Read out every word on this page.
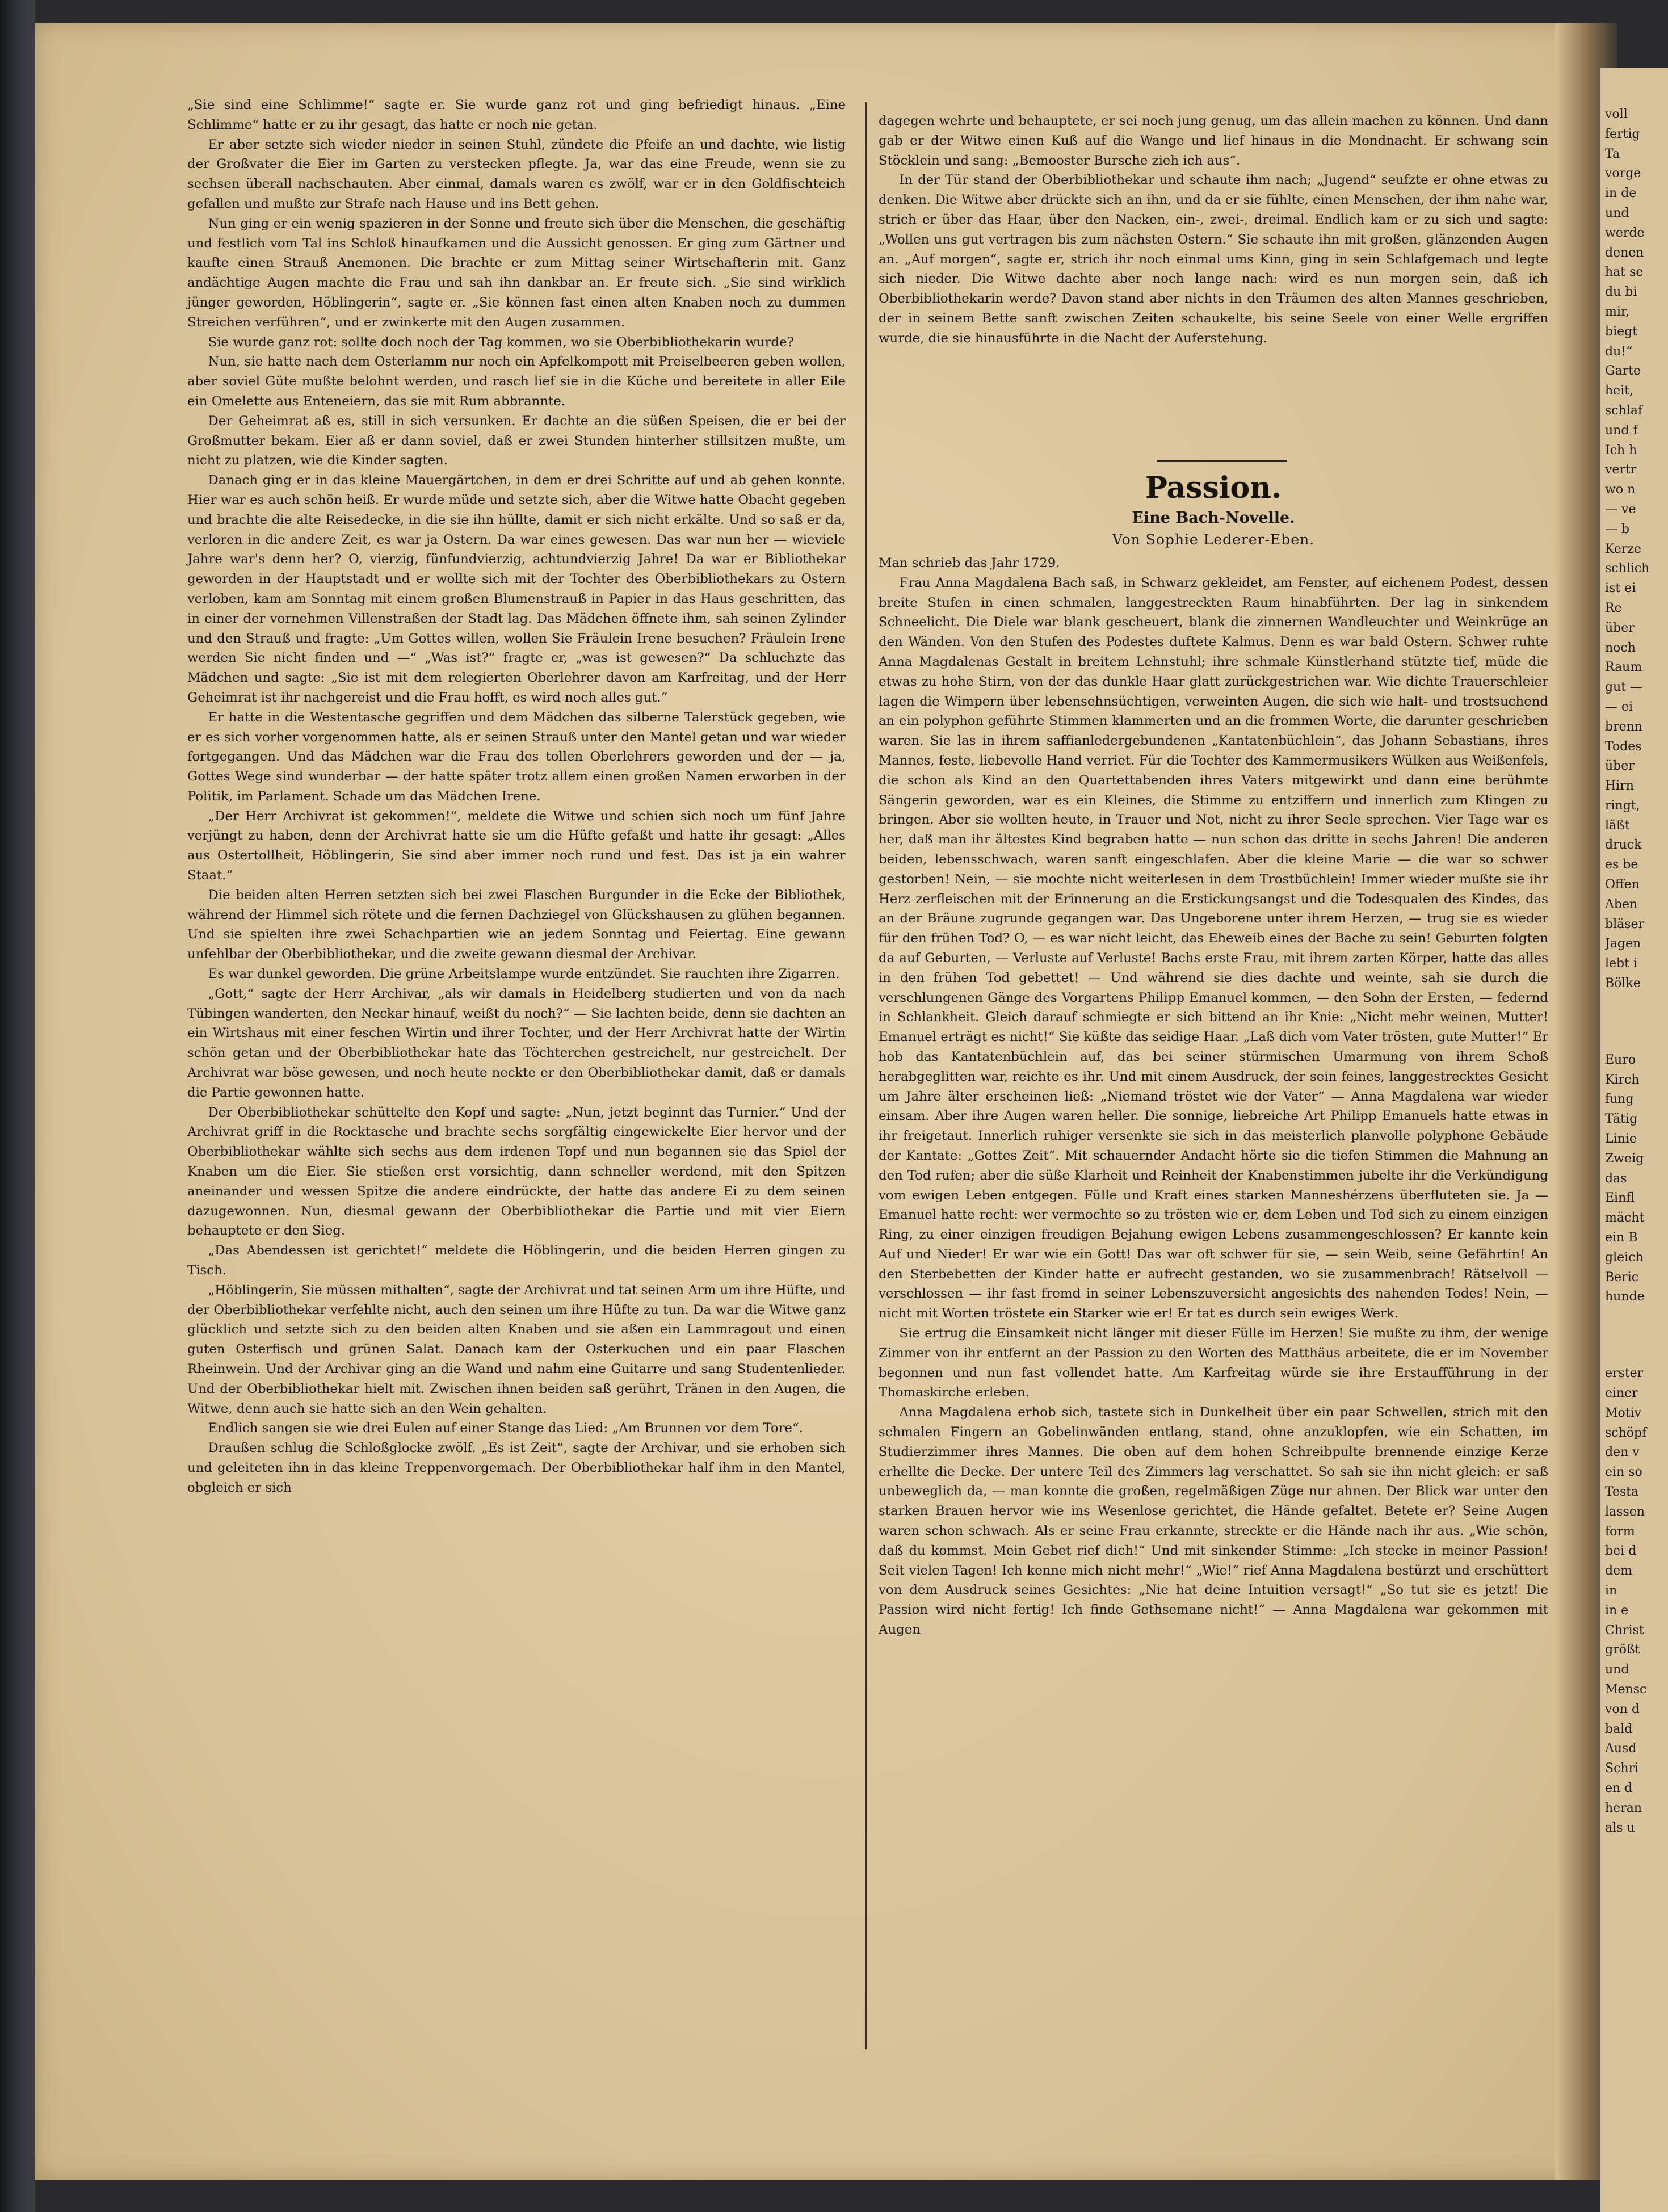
„Sie sind eine Schlimme!“ sagte er. Sie wurde ganz rot und ging befriedigt hinaus. „Eine Schlimme“ hatte er zu ihr gesagt, das hatte er noch nie getan.

Er aber setzte sich wieder nieder in seinen Stuhl, zündete die Pfeife an und dachte, wie listig der Großvater die Eier im Garten zu verstecken pflegte. Ja, war das eine Freude, wenn sie zu sechsen überall nachschauten. Aber einmal, damals waren es zwölf, war er in den Goldfischteich gefallen und mußte zur Strafe nach Hause und ins Bett gehen.

Nun ging er ein wenig spazieren in der Sonne und freute sich über die Menschen, die geschäftig und festlich vom Tal ins Schloß hinaufkamen und die Aussicht genossen. Er ging zum Gärtner und kaufte einen Strauß Anemonen. Die brachte er zum Mittag seiner Wirtschafterin mit. Ganz andächtige Augen machte die Frau und sah ihn dankbar an. Er freute sich. „Sie sind wirklich jünger geworden, Höblingerin“, sagte er. „Sie können fast einen alten Knaben noch zu dummen Streichen verführen“, und er zwinkerte mit den Augen zusammen.

Sie wurde ganz rot: sollte doch noch der Tag kommen, wo sie Oberbibliothekarin wurde?

Nun, sie hatte nach dem Osterlamm nur noch ein Apfelkompott mit Preiselbeeren geben wollen, aber soviel Güte mußte belohnt werden, und rasch lief sie in die Küche und bereitete in aller Eile ein Omelette aus Enteneiern, das sie mit Rum abbrannte.

Der Geheimrat aß es, still in sich versunken. Er dachte an die süßen Speisen, die er bei der Großmutter bekam. Eier aß er dann soviel, daß er zwei Stunden hinterher stillsitzen mußte, um nicht zu platzen, wie die Kinder sagten.

Danach ging er in das kleine Mauergärtchen, in dem er drei Schritte auf und ab gehen konnte. Hier war es auch schön heiß. Er wurde müde und setzte sich, aber die Witwe hatte Obacht gegeben und brachte die alte Reisedecke, in die sie ihn hüllte, damit er sich nicht erkälte. Und so saß er da, verloren in die andere Zeit, es war ja Ostern. Da war eines gewesen. Das war nun her — wieviele Jahre war's denn her? O, vierzig, fünfundvierzig, achtundvierzig Jahre! Da war er Bibliothekar geworden in der Hauptstadt und er wollte sich mit der Tochter des Oberbibliothekars zu Ostern verloben, kam am Sonntag mit einem großen Blumenstrauß in Papier in das Haus geschritten, das in einer der vornehmen Villenstraßen der Stadt lag. Das Mädchen öffnete ihm, sah seinen Zylinder und den Strauß und fragte: „Um Gottes willen, wollen Sie Fräulein Irene besuchen? Fräulein Irene werden Sie nicht finden und —“ „Was ist?“ fragte er, „was ist gewesen?“ Da schluchzte das Mädchen und sagte: „Sie ist mit dem relegierten Oberlehrer davon am Karfreitag, und der Herr Geheimrat ist ihr nachgereist und die Frau hofft, es wird noch alles gut.“

Er hatte in die Westentasche gegriffen und dem Mädchen das silberne Talerstück gegeben, wie er es sich vorher vorgenommen hatte, als er seinen Strauß unter den Mantel getan und war wieder fortgegangen. Und das Mädchen war die Frau des tollen Oberlehrers geworden und der — ja, Gottes Wege sind wunderbar — der hatte später trotz allem einen großen Namen erworben in der Politik, im Parlament. Schade um das Mädchen Irene.

„Der Herr Archivrat ist gekommen!“, meldete die Witwe und schien sich noch um fünf Jahre verjüngt zu haben, denn der Archivrat hatte sie um die Hüfte gefaßt und hatte ihr gesagt: „Alles aus Ostertollheit, Höblingerin, Sie sind aber immer noch rund und fest. Das ist ja ein wahrer Staat.“

Die beiden alten Herren setzten sich bei zwei Flaschen Burgunder in die Ecke der Bibliothek, während der Himmel sich rötete und die fernen Dachziegel von Glückshausen zu glühen begannen. Und sie spielten ihre zwei Schachpartien wie an jedem Sonntag und Feiertag. Eine gewann unfehlbar der Oberbibliothekar, und die zweite gewann diesmal der Archivar.

Es war dunkel geworden. Die grüne Arbeitslampe wurde entzündet. Sie rauchten ihre Zigarren.

„Gott,“ sagte der Herr Archivar, „als wir damals in Heidelberg studierten und von da nach Tübingen wanderten, den Neckar hinauf, weißt du noch?“ — Sie lachten beide, denn sie dachten an ein Wirtshaus mit einer feschen Wirtin und ihrer Tochter, und der Herr Archivrat hatte der Wirtin schön getan und der Oberbibliothekar hate das Töchterchen gestreichelt, nur gestreichelt. Der Archivrat war böse gewesen, und noch heute neckte er den Oberbibliothekar damit, daß er damals die Partie gewonnen hatte.

Der Oberbibliothekar schüttelte den Kopf und sagte: „Nun, jetzt beginnt das Turnier.“ Und der Archivrat griff in die Rocktasche und brachte sechs sorgfältig eingewickelte Eier hervor und der Oberbibliothekar wählte sich sechs aus dem irdenen Topf und nun begannen sie das Spiel der Knaben um die Eier. Sie stießen erst vorsichtig, dann schneller werdend, mit den Spitzen aneinander und wessen Spitze die andere eindrückte, der hatte das andere Ei zu dem seinen dazugewonnen. Nun, diesmal gewann der Oberbibliothekar die Partie und mit vier Eiern behauptete er den Sieg.

„Das Abendessen ist gerichtet!“ meldete die Höblingerin, und die beiden Herren gingen zu Tisch.

„Höblingerin, Sie müssen mithalten“, sagte der Archivrat und tat seinen Arm um ihre Hüfte, und der Oberbibliothekar verfehlte nicht, auch den seinen um ihre Hüfte zu tun. Da war die Witwe ganz glücklich und setzte sich zu den beiden alten Knaben und sie aßen ein Lammragout und einen guten Osterfisch und grünen Salat. Danach kam der Osterkuchen und ein paar Flaschen Rheinwein. Und der Archivar ging an die Wand und nahm eine Guitarre und sang Studentenlieder. Und der Oberbibliothekar hielt mit. Zwischen ihnen beiden saß gerührt, Tränen in den Augen, die Witwe, denn auch sie hatte sich an den Wein gehalten.

Endlich sangen sie wie drei Eulen auf einer Stange das Lied: „Am Brunnen vor dem Tore“.

Draußen schlug die Schloßglocke zwölf. „Es ist Zeit“, sagte der Archivar, und sie erhoben sich und geleiteten ihn in das kleine Treppenvorgemach. Der Oberbibliothekar half ihm in den Mantel, obgleich er sich

dagegen wehrte und behauptete, er sei noch jung genug, um das allein machen zu können. Und dann gab er der Witwe einen Kuß auf die Wange und lief hinaus in die Mondnacht. Er schwang sein Stöcklein und sang: „Bemooster Bursche zieh ich aus“.

In der Tür stand der Oberbibliothekar und schaute ihm nach; „Jugend“ seufzte er ohne etwas zu denken. Die Witwe aber drückte sich an ihn, und da er sie fühlte, einen Menschen, der ihm nahe war, strich er über das Haar, über den Nacken, ein-, zwei-, dreimal. Endlich kam er zu sich und sagte: „Wollen uns gut vertragen bis zum nächsten Ostern.“ Sie schaute ihn mit großen, glänzenden Augen an. „Auf morgen“, sagte er, strich ihr noch einmal ums Kinn, ging in sein Schlafgemach und legte sich nieder. Die Witwe dachte aber noch lange nach: wird es nun morgen sein, daß ich Oberbibliothekarin werde? Davon stand aber nichts in den Träumen des alten Mannes geschrieben, der in seinem Bette sanft zwischen Zeiten schaukelte, bis seine Seele von einer Welle ergriffen wurde, die sie hinausführte in die Nacht der Auferstehung.

Passion.
Eine Bach-Novelle.
Von Sophie Lederer-Eben.

Man schrieb das Jahr 1729.

Frau Anna Magdalena Bach saß, in Schwarz gekleidet, am Fenster, auf eichenem Podest, dessen breite Stufen in einen schmalen, langgestreckten Raum hinabführten. Der lag in sinkendem Schneelicht. Die Diele war blank gescheuert, blank die zinnernen Wandleuchter und Weinkrüge an den Wänden. Von den Stufen des Podestes duftete Kalmus. Denn es war bald Ostern. Schwer ruhte Anna Magdalenas Gestalt in breitem Lehnstuhl; ihre schmale Künstlerhand stützte tief, müde die etwas zu hohe Stirn, von der das dunkle Haar glatt zurückgestrichen war. Wie dichte Trauerschleier lagen die Wimpern über lebensehnsüchtigen, verweinten Augen, die sich wie halt- und trostsuchend an ein polyphon geführte Stimmen klammerten und an die frommen Worte, die darunter geschrieben waren. Sie las in ihrem saffianledergebundenen „Kantatenbüchlein“, das Johann Sebastians, ihres Mannes, feste, liebevolle Hand verriet. Für die Tochter des Kammermusikers Wülken aus Weißenfels, die schon als Kind an den Quartettabenden ihres Vaters mitgewirkt und dann eine berühmte Sängerin geworden, war es ein Kleines, die Stimme zu entziffern und innerlich zum Klingen zu bringen. Aber sie wollten heute, in Trauer und Not, nicht zu ihrer Seele sprechen. Vier Tage war es her, daß man ihr ältestes Kind begraben hatte — nun schon das dritte in sechs Jahren! Die anderen beiden, lebensschwach, waren sanft eingeschlafen. Aber die kleine Marie — die war so schwer gestorben! Nein, — sie mochte nicht weiterlesen in dem Trostbüchlein! Immer wieder mußte sie ihr Herz zerfleischen mit der Erinnerung an die Erstickungsangst und die Todesqualen des Kindes, das an der Bräune zugrunde gegangen war. Das Ungeborene unter ihrem Herzen, — trug sie es wieder für den frühen Tod? O, — es war nicht leicht, das Eheweib eines der Bache zu sein! Geburten folgten da auf Geburten, — Verluste auf Verluste! Bachs erste Frau, mit ihrem zarten Körper, hatte das alles in den frühen Tod gebettet! — Und während sie dies dachte und weinte, sah sie durch die verschlungenen Gänge des Vorgartens Philipp Emanuel kommen, — den Sohn der Ersten, — federnd in Schlankheit. Gleich darauf schmiegte er sich bittend an ihr Knie: „Nicht mehr weinen, Mutter! Emanuel erträgt es nicht!“ Sie küßte das seidige Haar. „Laß dich vom Vater trösten, gute Mutter!“ Er hob das Kantatenbüchlein auf, das bei seiner stürmischen Umarmung von ihrem Schoß herabgeglitten war, reichte es ihr. Und mit einem Ausdruck, der sein feines, langgestrecktes Gesicht um Jahre älter erscheinen ließ: „Niemand tröstet wie der Vater“ — Anna Magdalena war wieder einsam. Aber ihre Augen waren heller. Die sonnige, liebreiche Art Philipp Emanuels hatte etwas in ihr freigetaut. Innerlich ruhiger versenkte sie sich in das meisterlich planvolle polyphone Gebäude der Kantate: „Gottes Zeit“. Mit schauernder Andacht hörte sie die tiefen Stimmen die Mahnung an den Tod rufen; aber die süße Klarheit und Reinheit der Knabenstimmen jubelte ihr die Verkündigung vom ewigen Leben entgegen. Fülle und Kraft eines starken Manneshérzens überfluteten sie. Ja — Emanuel hatte recht: wer vermochte so zu trösten wie er, dem Leben und Tod sich zu einem einzigen Ring, zu einer einzigen freudigen Bejahung ewigen Lebens zusammengeschlossen? Er kannte kein Auf und Nieder! Er war wie ein Gott! Das war oft schwer für sie, — sein Weib, seine Gefährtin! An den Sterbebetten der Kinder hatte er aufrecht gestanden, wo sie zusammenbrach! Rätselvoll — verschlossen — ihr fast fremd in seiner Lebenszuversicht angesichts des nahenden Todes! Nein, — nicht mit Worten tröstete ein Starker wie er! Er tat es durch sein ewiges Werk.

Sie ertrug die Einsamkeit nicht länger mit dieser Fülle im Herzen! Sie mußte zu ihm, der wenige Zimmer von ihr entfernt an der Passion zu den Worten des Matthäus arbeitete, die er im November begonnen und nun fast vollendet hatte. Am Karfreitag würde sie ihre Erstaufführung in der Thomaskirche erleben.

Anna Magdalena erhob sich, tastete sich in Dunkelheit über ein paar Schwellen, strich mit den schmalen Fingern an Gobelinwänden entlang, stand, ohne anzuklopfen, wie ein Schatten, im Studierzimmer ihres Mannes. Die oben auf dem hohen Schreibpulte brennende einzige Kerze erhellte die Decke. Der untere Teil des Zimmers lag verschattet. So sah sie ihn nicht gleich: er saß unbeweglich da, — man konnte die großen, regelmäßigen Züge nur ahnen. Der Blick war unter den starken Brauen hervor wie ins Wesenlose gerichtet, die Hände gefaltet. Betete er? Seine Augen waren schon schwach. Als er seine Frau erkannte, streckte er die Hände nach ihr aus. „Wie schön, daß du kommst. Mein Gebet rief dich!“ Und mit sinkender Stimme: „Ich stecke in meiner Passion! Seit vielen Tagen! Ich kenne mich nicht mehr!“ „Wie!“ rief Anna Magdalena bestürzt und erschüttert von dem Ausdruck seines Gesichtes: „Nie hat deine Intuition versagt!“ „So tut sie es jetzt! Die Passion wird nicht fertig! Ich finde Gethsemane nicht!“ — Anna Magdalena war gekommen mit Augen

voll
fertig
Ta
vorge
in de
und
werde
denen
hat se
du bi
mir,
biegt
du!“
Garte
heit,
schlaf
und f
Ich h
vertr
wo n
— ve
— b
Kerze
schlich
ist ei
Re
über
noch
Raum
gut —
— ei
brenn
Todes
über
Hirn
ringt,
läßt
druck
es be
Offen
Aben
bläser
Jagen
lebt i
Bölke
Euro
Kirch
fung
Tätig
Linie
Zweig
das
Einfl
mächt
ein B
gleich
Beric
hunde
erster
einer
Motiv
schöpf
den v
ein so
Testa
lassen
form
bei d
dem
in
in e
Christ
größt
und
Mensc
von d
bald
Ausd
Schri
en d
heran
als u
